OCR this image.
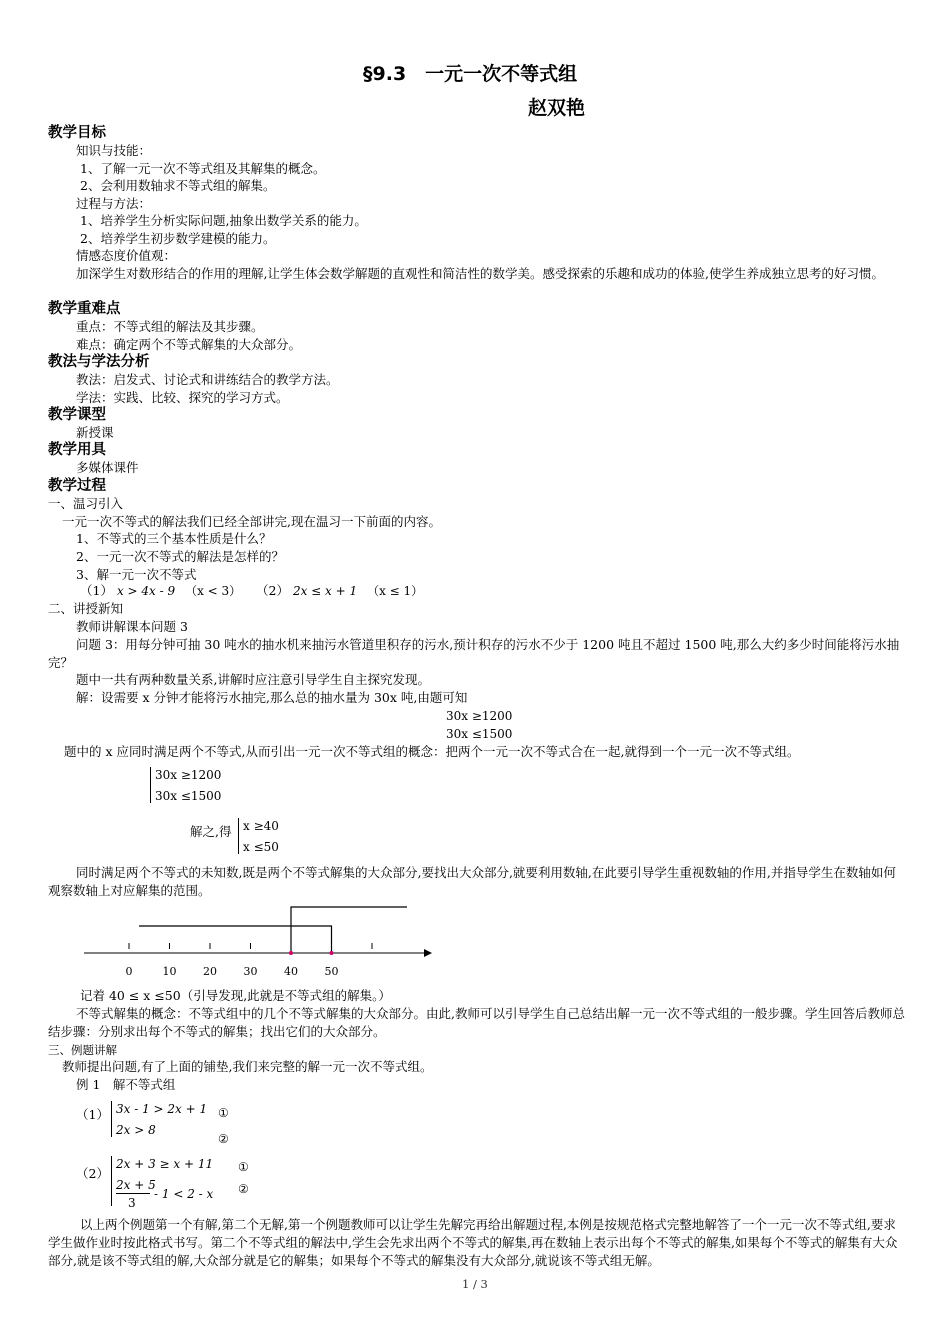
§9.3　一元一次不等式组
赵双艳
教学目标
知识与技能：
1、了解一元一次不等式组及其解集的概念。
2、会利用数轴求不等式组的解集。
过程与方法：
1、培养学生分析实际问题,抽象出数学关系的能力。
2、培养学生初步数学建模的能力。
情感态度价值观：
加深学生对数形结合的作用的理解,让学生体会数学解题的直观性和简洁性的数学美。感受探索的乐趣和成功的体验,使学生养成独立思考的好习惯。
教学重难点
重点：不等式组的解法及其步骤。
难点：确定两个不等式解集的大众部分。
教法与学法分析
教法：启发式、讨论式和讲练结合的教学方法。
学法：实践、比较、探究的学习方式。
教学课型
新授课
教学用具
多媒体课件
教学过程
一、温习引入
一元一次不等式的解法我们已经全部讲完,现在温习一下前面的内容。
1、不等式的三个基本性质是什么？
2、一元一次不等式的解法是怎样的？
3、解一元一次不等式
（1） x > 4x - 9 （x < 3） （2） 2x ≤ x + 1 （x ≤ 1）
二、讲授新知
教师讲解课本问题 3
问题 3：用每分钟可抽 30 吨水的抽水机来抽污水管道里积存的污水,预计积存的污水不少于 1200 吨且不超过 1500 吨,那么大约多少时间能将污水抽完？
题中一共有两种数量关系,讲解时应注意引导学生自主探究发现。
解：设需要 x 分钟才能将污水抽完,那么总的抽水量为 30x 吨,由题可知
30x ≥1200
30x ≤1500
题中的 x 应同时满足两个不等式,从而引出一元一次不等式组的概念：把两个一元一次不等式合在一起,就得到一个一元一次不等式组。
30x ≥1200
30x ≤1500
解之,得 x ≥40
x ≤50
同时满足两个不等式的未知数,既是两个不等式解集的大众部分,要找出大众部分,就要利用数轴,在此要引导学生重视数轴的作用,并指导学生在数轴如何观察数轴上对应解集的范围。
0	10 20 30 40 50
记着 40 ≤ x ≤50（引导发现,此就是不等式组的解集。）
不等式解集的概念：不等式组中的几个不等式解集的大众部分。由此,教师可以引导学生自己总结出解一元一次不等式组的一般步骤。学生回答后教师总结步骤：分别求出每个不等式的解集；找出它们的大众部分。
三、例题讲解
教师提出问题,有了上面的铺垫,我们来完整的解一元一次不等式组。
例 1　解不等式组
（1） 3x - 1 > 2x + 1
2x > 8
①
②
（2）
2x + 3 ≥ x + 11
2x + 5
3
- 1 < 2 - x
①
②
以上两个例题第一个有解,第二个无解,第一个例题教师可以让学生先解完再给出解题过程,本例是按规范格式完整地解答了一个一元一次不等式组,要求学生做作业时按此格式书写。第二个不等式组的解法中,学生会先求出两个不等式的解集,再在数轴上表示出每个不等式的解集,如果每个不等式的解集有大众部分,就是该不等式组的解,大众部分就是它的解集；如果每个不等式的解集没有大众部分,就说该不等式组无解。
1 / 3
